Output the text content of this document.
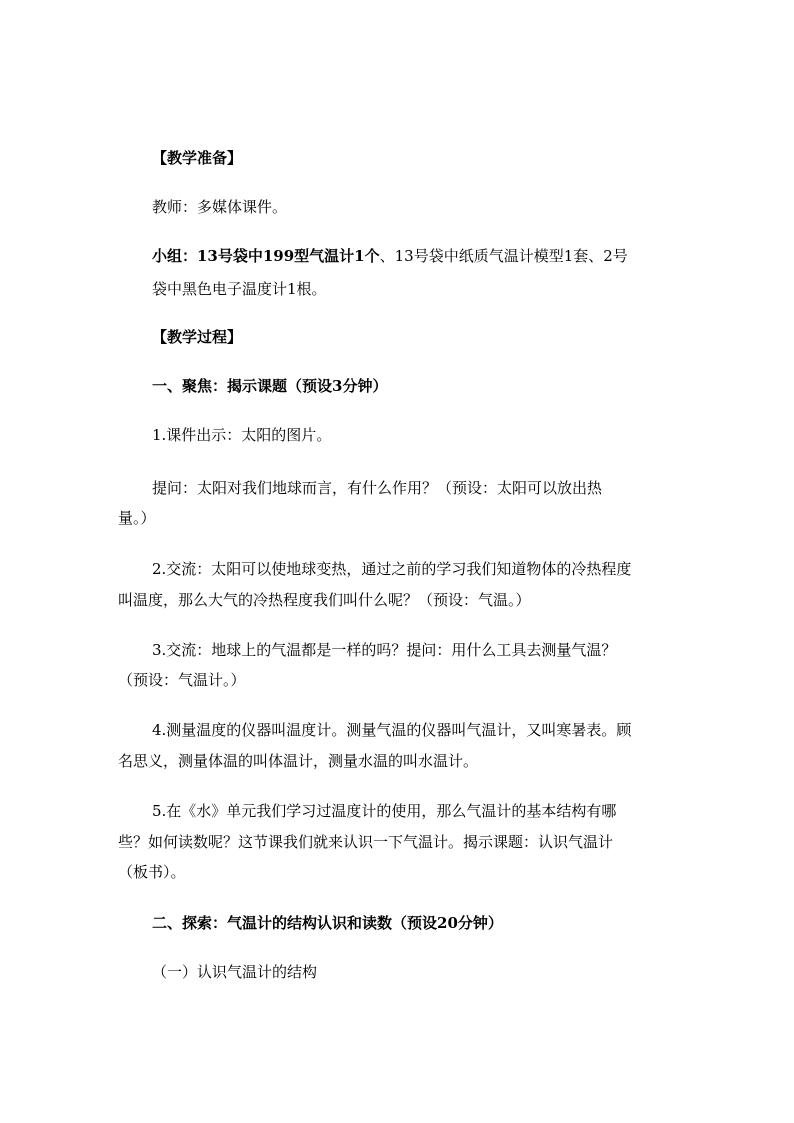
【教学准备】
教师：多媒体课件。
小组：13号袋中199型气温计1个、13号袋中纸质气温计模型1套、2号
袋中黑色电子温度计1根。
【教学过程】
一、聚焦：揭示课题（预设3分钟）
1.课件出示：太阳的图片。
提问：太阳对我们地球而言，有什么作用？（预设：太阳可以放出热
量。）
2.交流：太阳可以使地球变热，通过之前的学习我们知道物体的冷热程度
叫温度，那么大气的冷热程度我们叫什么呢？（预设：气温。）
3.交流：地球上的气温都是一样的吗？提问：用什么工具去测量气温？
（预设：气温计。）
4.测量温度的仪器叫温度计。测量气温的仪器叫气温计，又叫寒暑表。顾
名思义，测量体温的叫体温计，测量水温的叫水温计。
5.在《水》单元我们学习过温度计的使用，那么气温计的基本结构有哪
些？如何读数呢？这节课我们就来认识一下气温计。揭示课题：认识气温计
（板书）。
二、探索：气温计的结构认识和读数（预设20分钟）
（一）认识气温计的结构
